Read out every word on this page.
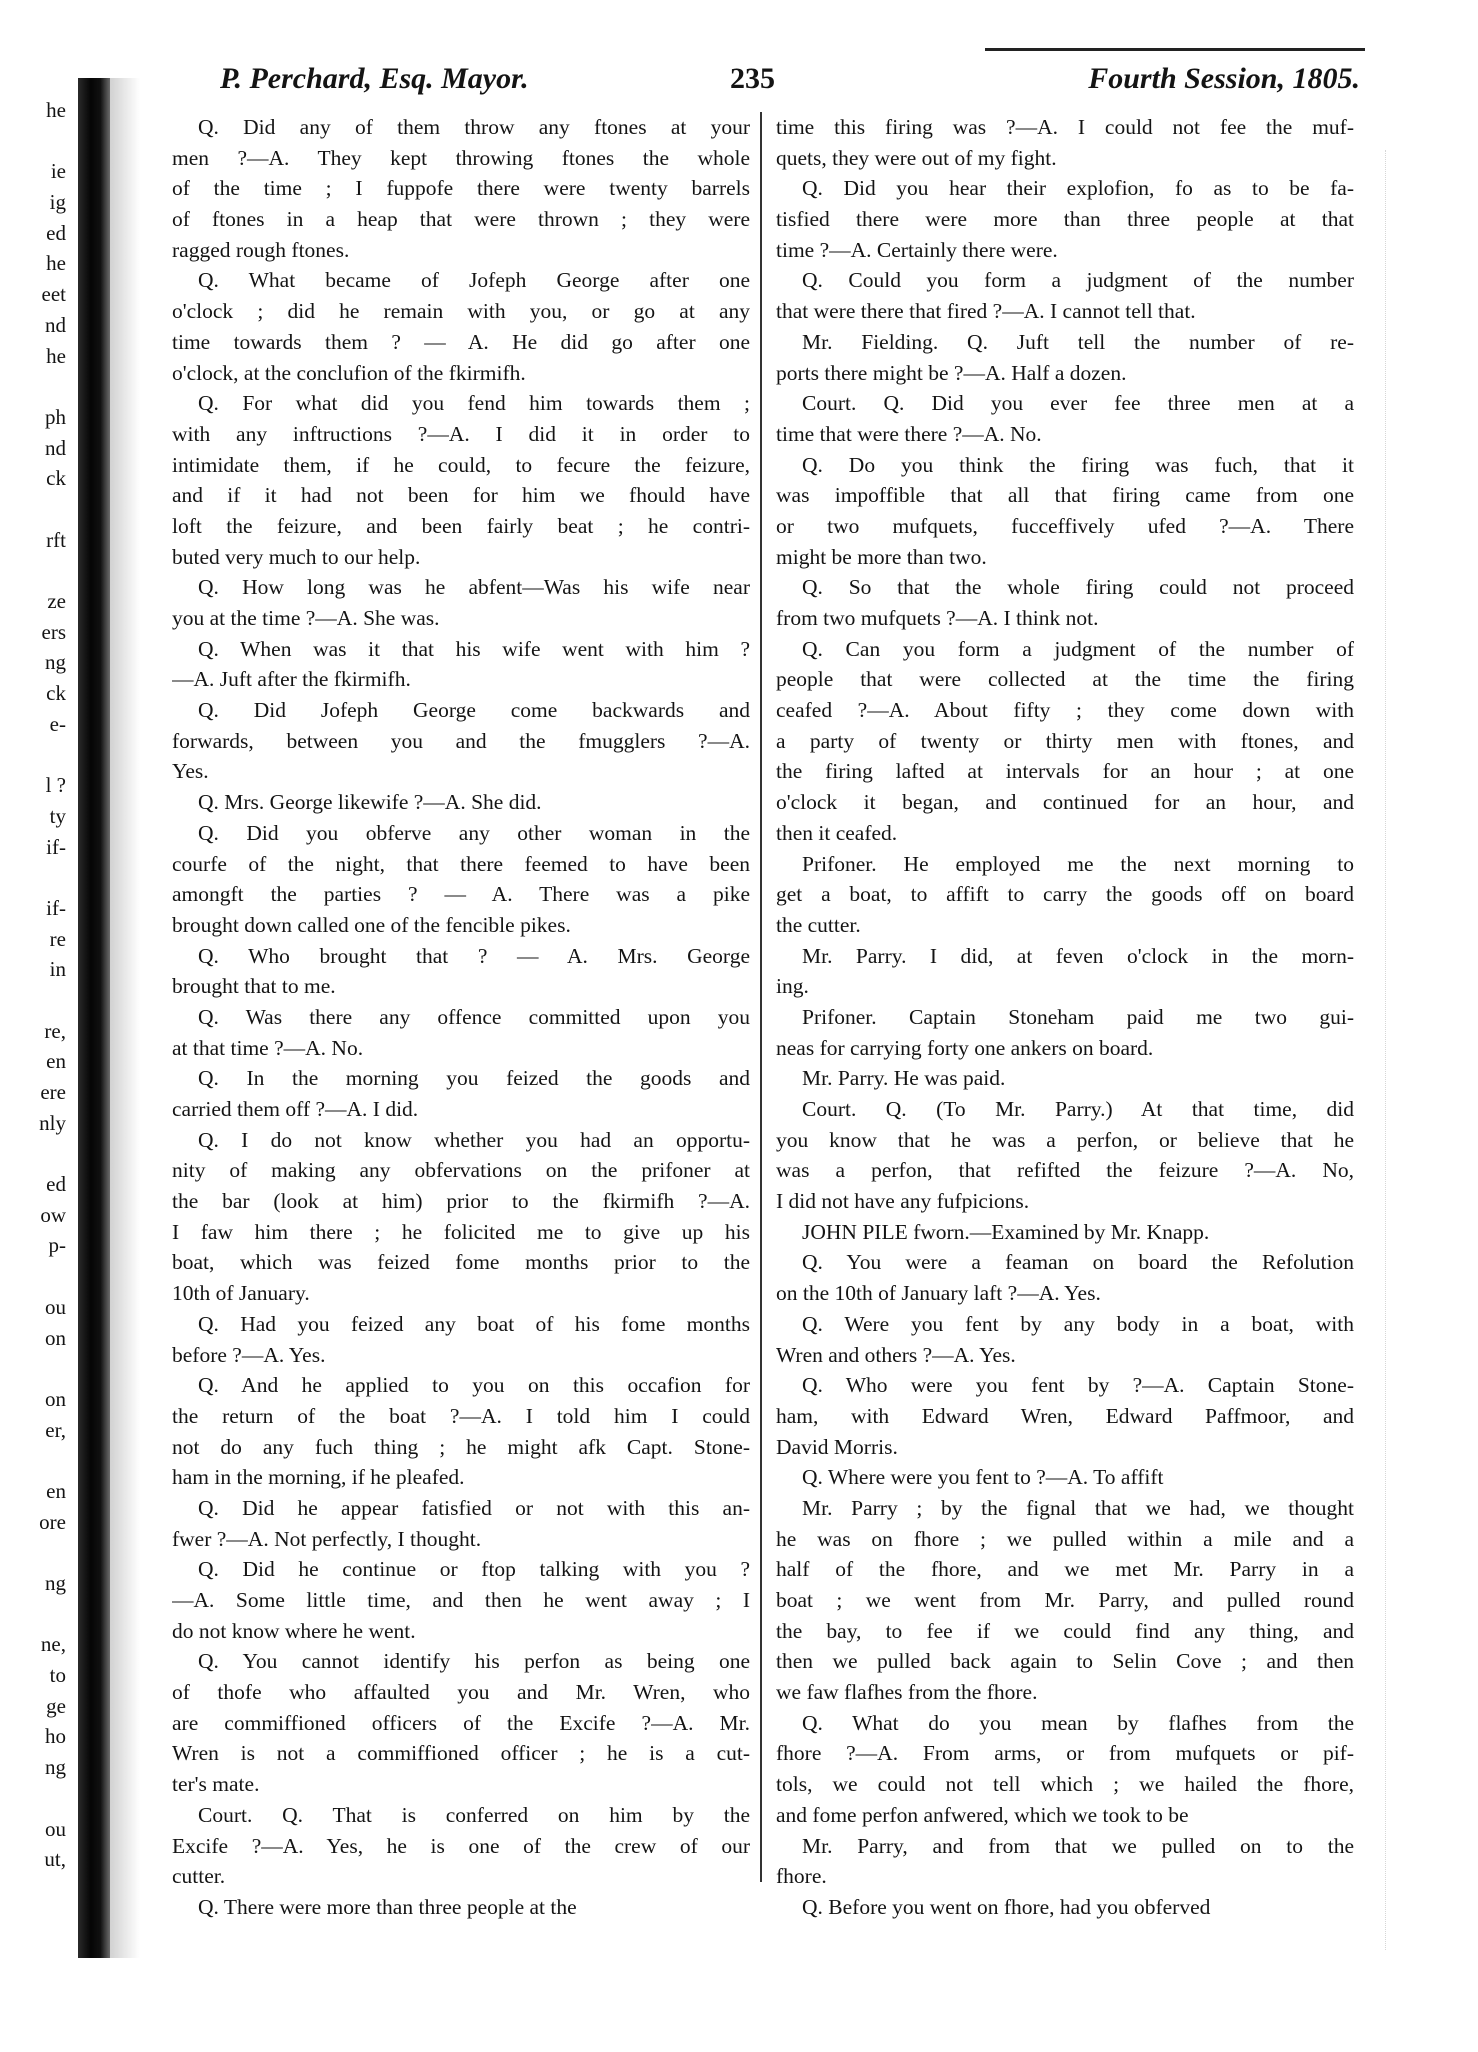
he
ie
ig
ed
he
eet
nd
he
ph
nd
ck
rft
ze
ers
ng
ck
e-
l ?
ty
if-
if-
re
in
re,
en
ere
nly
ed
ow
p-
ou
on
on
er,
en
ore
ng
ne,
to
ge
ho
ng
ou
ut,
P. Perchard, Esq. Mayor.	235	Fourth Session, 1805.
Q. Did any of them throw any ftones at your
men ?—A. They kept throwing ftones the whole
of the time ; I fuppofe there were twenty barrels
of ftones in a heap that were thrown ; they were
ragged rough ftones.
Q. What became of Jofeph George after one
o'clock ; did he remain with you, or go at any
time towards them ? — A. He did go after one
o'clock, at the conclufion of the fkirmifh.
Q. For what did you fend him towards them ;
with any inftructions ?—A. I did it in order to
intimidate them, if he could, to fecure the feizure,
and if it had not been for him we fhould have
loft the feizure, and been fairly beat ; he contri-
buted very much to our help.
Q. How long was he abfent—Was his wife near
you at the time ?—A. She was.
Q. When was it that his wife went with him ?
—A. Juft after the fkirmifh.
Q. Did Jofeph George come backwards and
forwards, between you and the fmugglers ?—A.
Yes.
Q. Mrs. George likewife ?—A. She did.
Q. Did you obferve any other woman in the
courfe of the night, that there feemed to have been
amongft the parties ? — A. There was a pike
brought down called one of the fencible pikes.
Q. Who brought that ? — A. Mrs. George
brought that to me.
Q. Was there any offence committed upon you
at that time ?—A. No.
Q. In the morning you feized the goods and
carried them off ?—A. I did.
Q. I do not know whether you had an opportu-
nity of making any obfervations on the prifoner at
the bar (look at him) prior to the fkirmifh ?—A.
I faw him there ; he folicited me to give up his
boat, which was feized fome months prior to the
10th of January.
Q. Had you feized any boat of his fome months
before ?—A. Yes.
Q. And he applied to you on this occafion for
the return of the boat ?—A. I told him I could
not do any fuch thing ; he might afk Capt. Stone-
ham in the morning, if he pleafed.
Q. Did he appear fatisfied or not with this an-
fwer ?—A. Not perfectly, I thought.
Q. Did he continue or ftop talking with you ?
—A. Some little time, and then he went away ; I
do not know where he went.
Q. You cannot identify his perfon as being one
of thofe who affaulted you and Mr. Wren, who
are commiffioned officers of the Excife ?—A. Mr.
Wren is not a commiffioned officer ; he is a cut-
ter's mate.
Court. Q. That is conferred on him by the
Excife ?—A. Yes, he is one of the crew of our
cutter.
Q. There were more than three people at the
time this firing was ?—A. I could not fee the muf-
quets, they were out of my fight.
Q. Did you hear their explofion, fo as to be fa-
tisfied there were more than three people at that
time ?—A. Certainly there were.
Q. Could you form a judgment of the number
that were there that fired ?—A. I cannot tell that.
Mr. Fielding. Q. Juft tell the number of re-
ports there might be ?—A. Half a dozen.
Court. Q. Did you ever fee three men at a
time that were there ?—A. No.
Q. Do you think the firing was fuch, that it
was impoffible that all that firing came from one
or two mufquets, fucceffively ufed ?—A. There
might be more than two.
Q. So that the whole firing could not proceed
from two mufquets ?—A. I think not.
Q. Can you form a judgment of the number of
people that were collected at the time the firing
ceafed ?—A. About fifty ; they come down with
a party of twenty or thirty men with ftones, and
the firing lafted at intervals for an hour ; at one
o'clock it began, and continued for an hour, and
then it ceafed.
Prifoner. He employed me the next morning to
get a boat, to affift to carry the goods off on board
the cutter.
Mr. Parry. I did, at feven o'clock in the morn-
ing.
Prifoner. Captain Stoneham paid me two gui-
neas for carrying forty one ankers on board.
Mr. Parry. He was paid.
Court. Q. (To Mr. Parry.) At that time, did
you know that he was a perfon, or believe that he
was a perfon, that refifted the feizure ?—A. No,
I did not have any fufpicions.
JOHN PILE fworn.—Examined by Mr. Knapp.
Q. You were a feaman on board the Refolution
on the 10th of January laft ?—A. Yes.
Q. Were you fent by any body in a boat, with
Wren and others ?—A. Yes.
Q. Who were you fent by ?—A. Captain Stone-
ham, with Edward Wren, Edward Paffmoor, and
David Morris.
Q. Where were you fent to ?—A. To affift
Mr. Parry ; by the fignal that we had, we thought
he was on fhore ; we pulled within a mile and a
half of the fhore, and we met Mr. Parry in a
boat ; we went from Mr. Parry, and pulled round
the bay, to fee if we could find any thing, and
then we pulled back again to Selin Cove ; and then
we faw flafhes from the fhore.
Q. What do you mean by flafhes from the
fhore ?—A. From arms, or from mufquets or pif-
tols, we could not tell which ; we hailed the fhore,
and fome perfon anfwered, which we took to be
Mr. Parry, and from that we pulled on to the
fhore.
Q. Before you went on fhore, had you obferved
